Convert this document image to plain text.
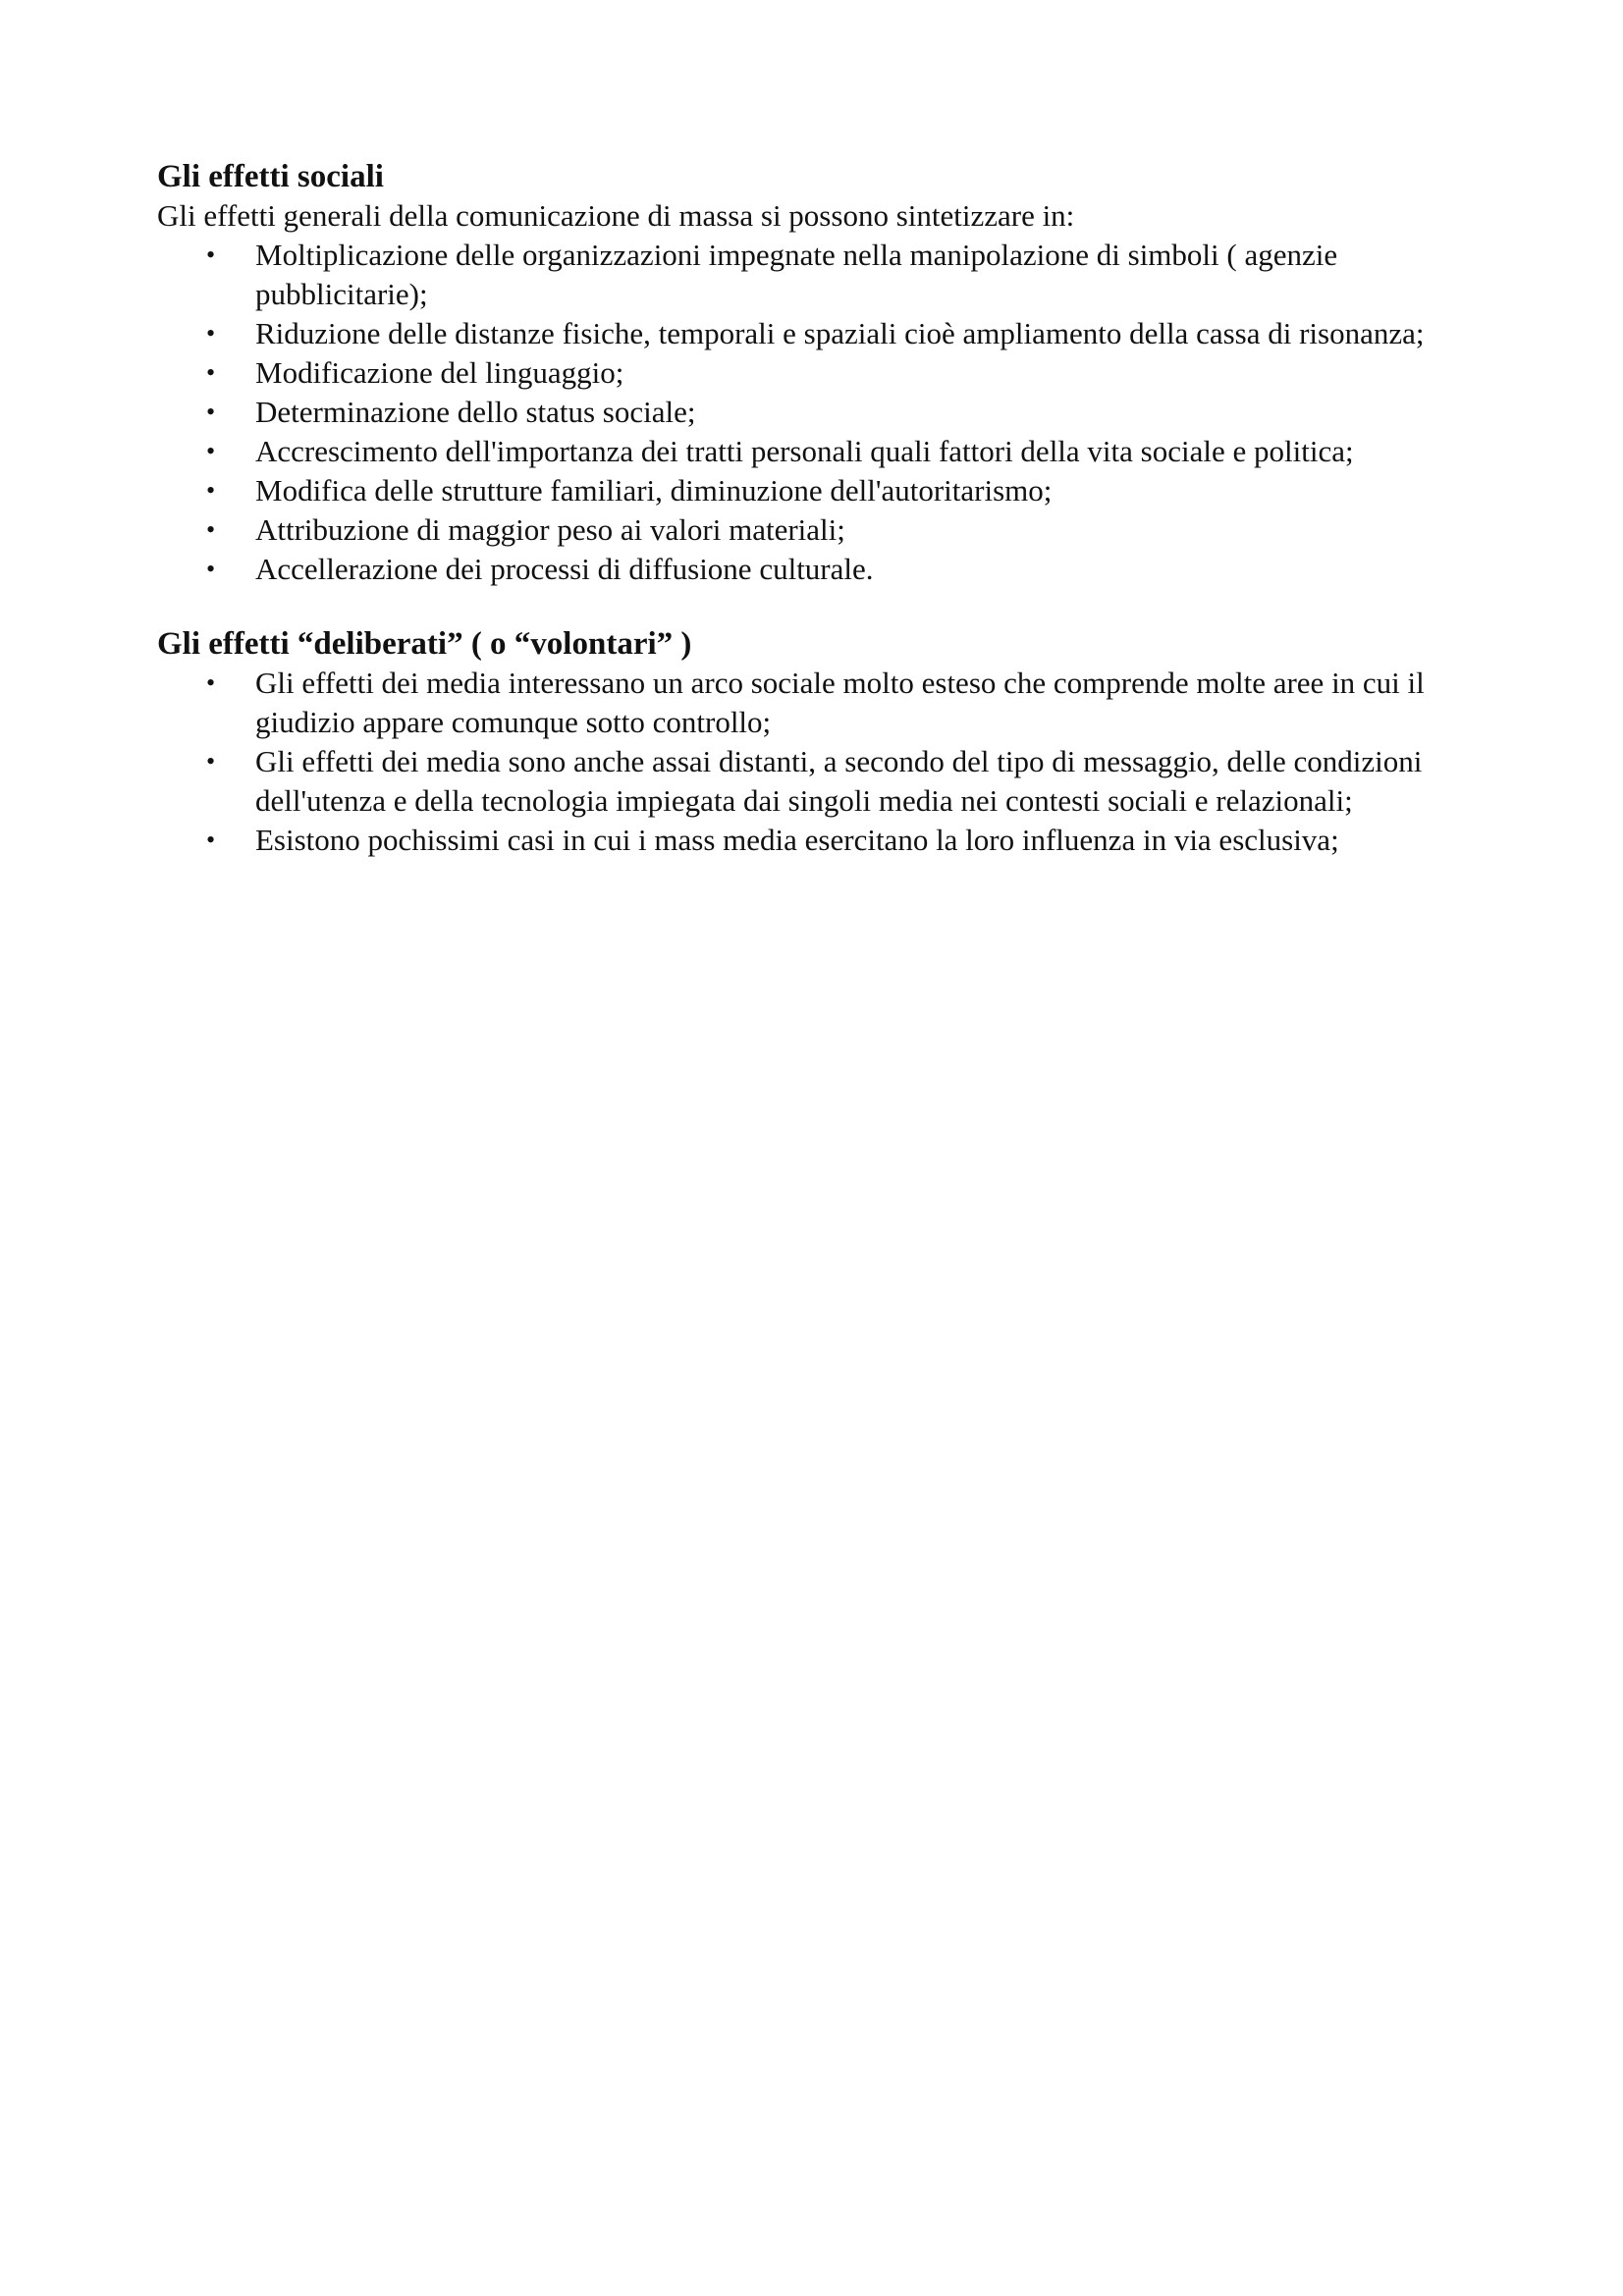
Gli effetti sociali

Gli effetti generali della comunicazione di massa si possono sintetizzare in:

•	Moltiplicazione delle organizzazioni impegnate nella manipolazione di simboli ( agenzie pubblicitarie);
•	Riduzione delle distanze fisiche, temporali e spaziali cioè ampliamento della cassa di risonanza;
•	Modificazione del linguaggio;
•	Determinazione dello status sociale;
•	Accrescimento dell'importanza dei tratti personali quali fattori della vita sociale e politica;
•	Modifica delle strutture familiari, diminuzione dell'autoritarismo;
•	Attribuzione di maggior peso ai valori materiali;
•	Accellerazione dei processi di diffusione culturale.
Gli effetti “deliberati” ( o “volontari” )
•	Gli effetti dei media interessano un arco sociale molto esteso che comprende molte aree in cui il giudizio appare comunque sotto controllo;
•	Gli effetti dei media sono anche assai distanti, a secondo del tipo di messaggio, delle condizioni dell'utenza e della tecnologia impiegata dai singoli media nei contesti sociali e relazionali;
•	Esistono pochissimi casi in cui i mass media esercitano la loro influenza in via esclusiva;
